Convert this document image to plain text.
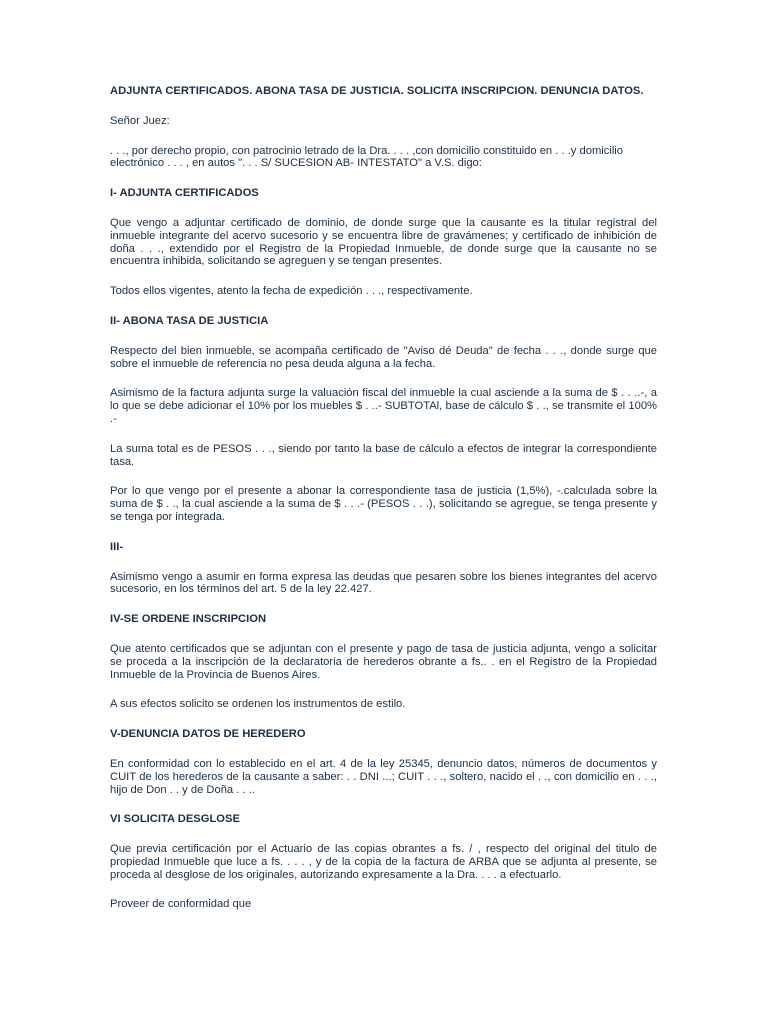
ADJUNTA CERTIFICADOS. ABONA TASA DE JUSTICIA. SOLICITA INSCRIPCION. DENUNCIA DATOS.

Señor Juez:

. . ., por derecho propio, con patrocinio letrado de la Dra. . . . ,con domicilio constituido en . . .y domicilio electrónico . . . , en autos ". . . S/ SUCESION AB- INTESTATO" a V.S. digo:

I- ADJUNTA CERTIFICADOS

Que vengo a adjuntar certificado de dominio, de donde surge que la causante es la titular registral del inmueble integrante del acervo sucesorio y se encuentra libre de gravámenes; y certificado de inhibición de doña . . ., extendido por el Registro de la Propiedad Inmueble, de donde surge que la causante no se encuentra inhibida, solicitando se agreguen y se tengan presentes.

Todos ellos vigentes, atento la fecha de expedición . . ., respectivamente.

II- ABONA TASA DE JUSTICIA

Respecto del bien inmueble, se acompaña certificado de "Aviso dé Deuda" de fecha . . ., donde surge que sobre el inmueble de referencia no pesa deuda alguna a la fecha.

Asimismo de la factura adjunta surge la valuación fiscal del inmueble la cual asciende a la suma de $ . . ..-, a lo que se debe adicionar el 10% por los muebles $ . ..- SUBTOTAl, base de cálculo $ . ., se transmite el 100% .-

La suma total es de PESOS . . ., siendo por tanto la base de cálculo a efectos de integrar la correspondiente tasa.

Por lo que vengo por el presente a abonar la correspondiente tasa de justicia (1,5%), -.calculada sobre la suma de $ . ., la cual asciende a la suma de $ . . .- (PESOS . . .), solicitando se agregue, se tenga presente y se tenga por integrada.

III-

Asimismo vengo a asumir en forma expresa las deudas que pesaren sobre los bienes integrantes del acervo sucesorio, en los términos del art. 5 de la ley 22.427.

IV-SE ORDENE INSCRIPCION

Que atento certificados que se adjuntan con el presente y pago de tasa de justicia adjunta, vengo a solicitar se proceda a la inscripción de la declaratoria de herederos obrante a fs.. . en el Registro de la Propiedad Inmueble de la Provincia de Buenos Aires.

A sus efectos solicito se ordenen los instrumentos de estilo.

V-DENUNCIA DATOS DE HEREDERO

En conformidad con lo establecido en el art. 4 de la ley 25345, denuncio datos, números de documentos y CUIT de los herederos de la causante a saber: . . DNI ...; CUIT . . ., soltero, nacido el . ., con domicilio en . . ., hijo de Don . . y de Doña . . ..

VI SOLICITA DESGLOSE

Que previa certificación por el Actuario de las copias obrantes a fs. / , respecto del original del titulo de propiedad Inmueble que luce a fs. . . . , y de la copia de la factura de ARBA que se adjunta al presente, se proceda al desglose de los originales, autorizando expresamente a la Dra. . . . a efectuarlo.

Proveer de conformidad que
